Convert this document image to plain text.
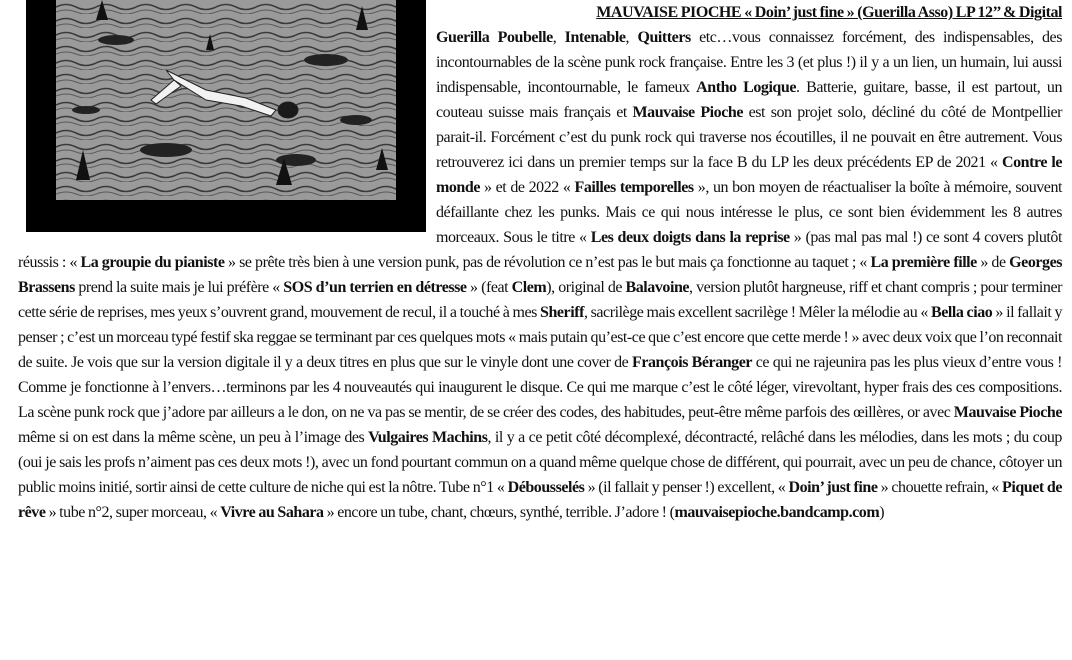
MAUVAISE PIOCHE « Doin’ just fine » (Guerilla Asso) LP 12’’ & Digital
Guerilla Poubelle, Intenable, Quitters etc…vous connaissez forcément, des indispensables, des incontournables de la scène punk rock française. Entre les 3 (et plus !) il y a un lien, un humain, lui aussi indispensable, incontournable, le fameux Antho Logique. Batterie, guitare, basse, il est partout, un couteau suisse mais français et Mauvaise Pioche est son projet solo, décliné du côté de Montpellier parait-il. Forcément c’est du punk rock qui traverse nos écoutilles, il ne pouvait en être autrement. Vous retrouverez ici dans un premier temps sur la face B du LP les deux précédents EP de 2021 « Contre le monde » et de 2022 « Failles temporelles », un bon moyen de réactualiser la boîte à mémoire, souvent défaillante chez les punks. Mais ce qui nous intéresse le plus, ce sont bien évidemment les 8 autres morceaux. Sous le titre « Les deux doigts dans la reprise » (pas mal pas mal !) ce sont 4 covers plutôt réussis : « La groupie du pianiste » se prête très bien à une version punk, pas de révolution ce n’est pas le but mais ça fonctionne au taquet ; « La première fille » de Georges Brassens prend la suite mais je lui préfère « SOS d’un terrien en détresse » (feat Clem), original de Balavoine, version plutôt hargneuse, riff et chant compris ; pour terminer cette série de reprises, mes yeux s’ouvrent grand, mouvement de recul, il a touché à mes Sheriff, sacrilège mais excellent sacrilège ! Mêler la mélodie au « Bella ciao » il fallait y penser ; c’est un morceau typé festif ska reggae se terminant par ces quelques mots « mais putain qu’est-ce que c’est encore que cette merde ! » avec deux voix que l’on reconnait de suite. Je vois que sur la version digitale il y a deux titres en plus que sur le vinyle dont une cover de François Béranger ce qui ne rajeunira pas les plus vieux d’entre vous ! Comme je fonctionne à l’envers…terminons par les 4 nouveautés qui inaugurent le disque. Ce qui me marque c’est le côté léger, virevoltant, hyper frais des ces compositions. La scène punk rock que j’adore par ailleurs a le don, on ne va pas se mentir, de se créer des codes, des habitudes, peut-être même parfois des œillères, or avec Mauvaise Pioche même si on est dans la même scène, un peu à l’image des Vulgaires Machins, il y a ce petit côté décomplexé, décontracté, relâché dans les mélodies, dans les mots ; du coup (oui je sais les profs n’aiment pas ces deux mots !), avec un fond pourtant commun on a quand même quelque chose de différent, qui pourrait, avec un peu de chance, côtoyer un public moins initié, sortir ainsi de cette culture de niche qui est la nôtre. Tube n°1 « Débousselés » (il fallait y penser !) excellent, « Doin’ just fine » chouette refrain, « Piquet de rêve » tube n°2, super morceau, « Vivre au Sahara » encore un tube, chant, chœurs, synthé, terrible. J’adore ! (mauvaisepioche.bandcamp.com)
